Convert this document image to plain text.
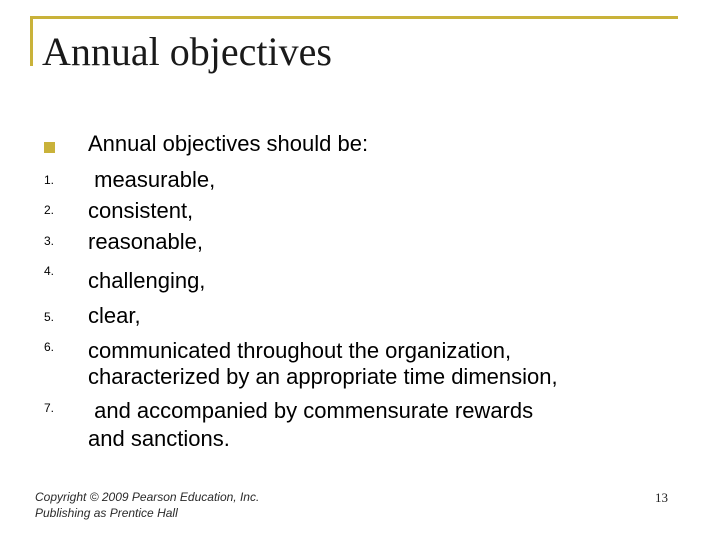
Annual objectives
1.
2.
3.
4.
5.
6.
7.
Annual objectives should be:
measurable,
consistent,
reasonable,
challenging,
clear,
communicated throughout the organization,
characterized by an appropriate time dimension,
and accompanied by commensurate rewards
and sanctions.
Copyright © 2009 Pearson Education, Inc.
Publishing as Prentice Hall
13
